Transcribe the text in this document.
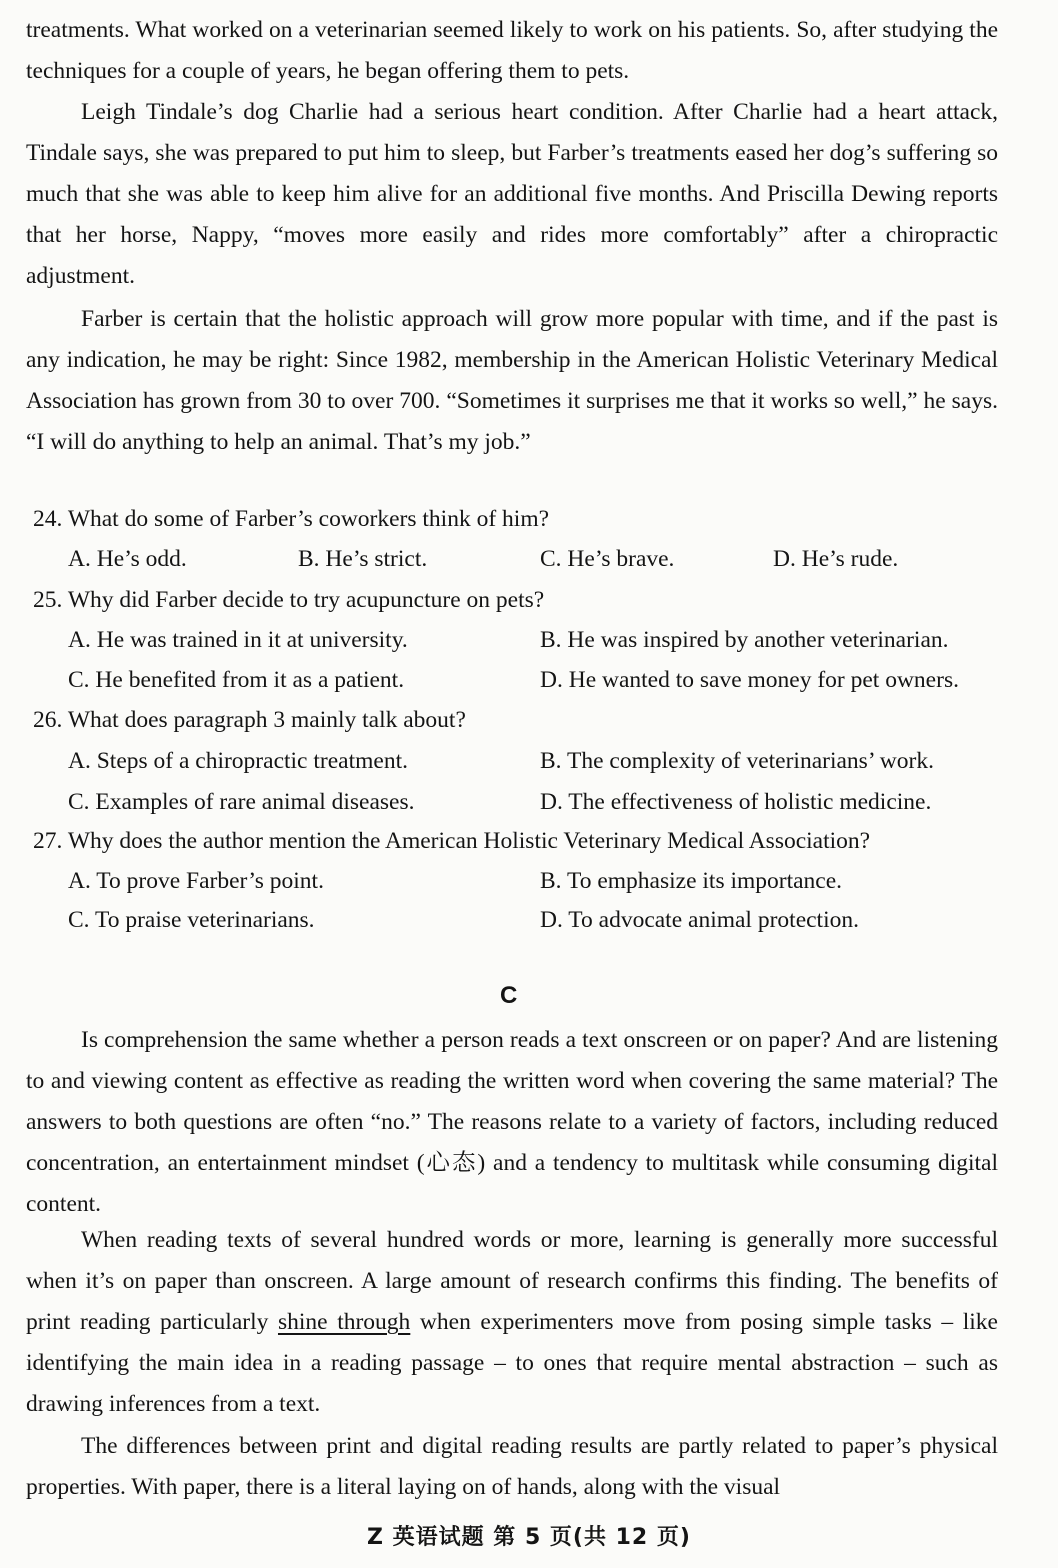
treatments. What worked on a veterinarian seemed likely to work on his patients. So, after studying the techniques for a couple of years, he began offering them to pets.

Leigh Tindale’s dog Charlie had a serious heart condition. After Charlie had a heart attack, Tindale says, she was prepared to put him to sleep, but Farber’s treatments eased her dog’s suffering so much that she was able to keep him alive for an additional five months. And Priscilla Dewing reports that her horse, Nappy, “moves more easily and rides more comfortably” after a chiropractic adjustment.

Farber is certain that the holistic approach will grow more popular with time, and if the past is any indication, he may be right: Since 1982, membership in the American Holistic Veterinary Medical Association has grown from 30 to over 700. “Sometimes it surprises me that it works so well,” he says. “I will do anything to help an animal. That’s my job.”

24. What do some of Farber’s coworkers think of him?

A. He’s odd.	B. He’s strict.	C. He’s brave.	D. He’s rude.

25. Why did Farber decide to try acupuncture on pets?

A. He was trained in it at university.	B. He was inspired by another veterinarian.

C. He benefited from it as a patient.	D. He wanted to save money for pet owners.

26. What does paragraph 3 mainly talk about?

A. Steps of a chiropractic treatment.	B. The complexity of veterinarians’ work.

C. Examples of rare animal diseases.	D. The effectiveness of holistic medicine.

27. Why does the author mention the American Holistic Veterinary Medical Association?

A. To prove Farber’s point.	B. To emphasize its importance.

C. To praise veterinarians.	D. To advocate animal protection.

C

Is comprehension the same whether a person reads a text onscreen or on paper? And are listening to and viewing content as effective as reading the written word when covering the same material? The answers to both questions are often “no.” The reasons relate to a variety of factors, including reduced concentration, an entertainment mindset (心态) and a tendency to multitask while consuming digital content.

When reading texts of several hundred words or more, learning is generally more successful when it’s on paper than onscreen. A large amount of research confirms this finding. The benefits of print reading particularly shine through when experimenters move from posing simple tasks – like identifying the main idea in a reading passage – to ones that require mental abstraction – such as drawing inferences from a text.

The differences between print and digital reading results are partly related to paper’s physical properties. With paper, there is a literal laying on of hands, along with the visual

Z 英语试题 第 5 页(共 12 页)
